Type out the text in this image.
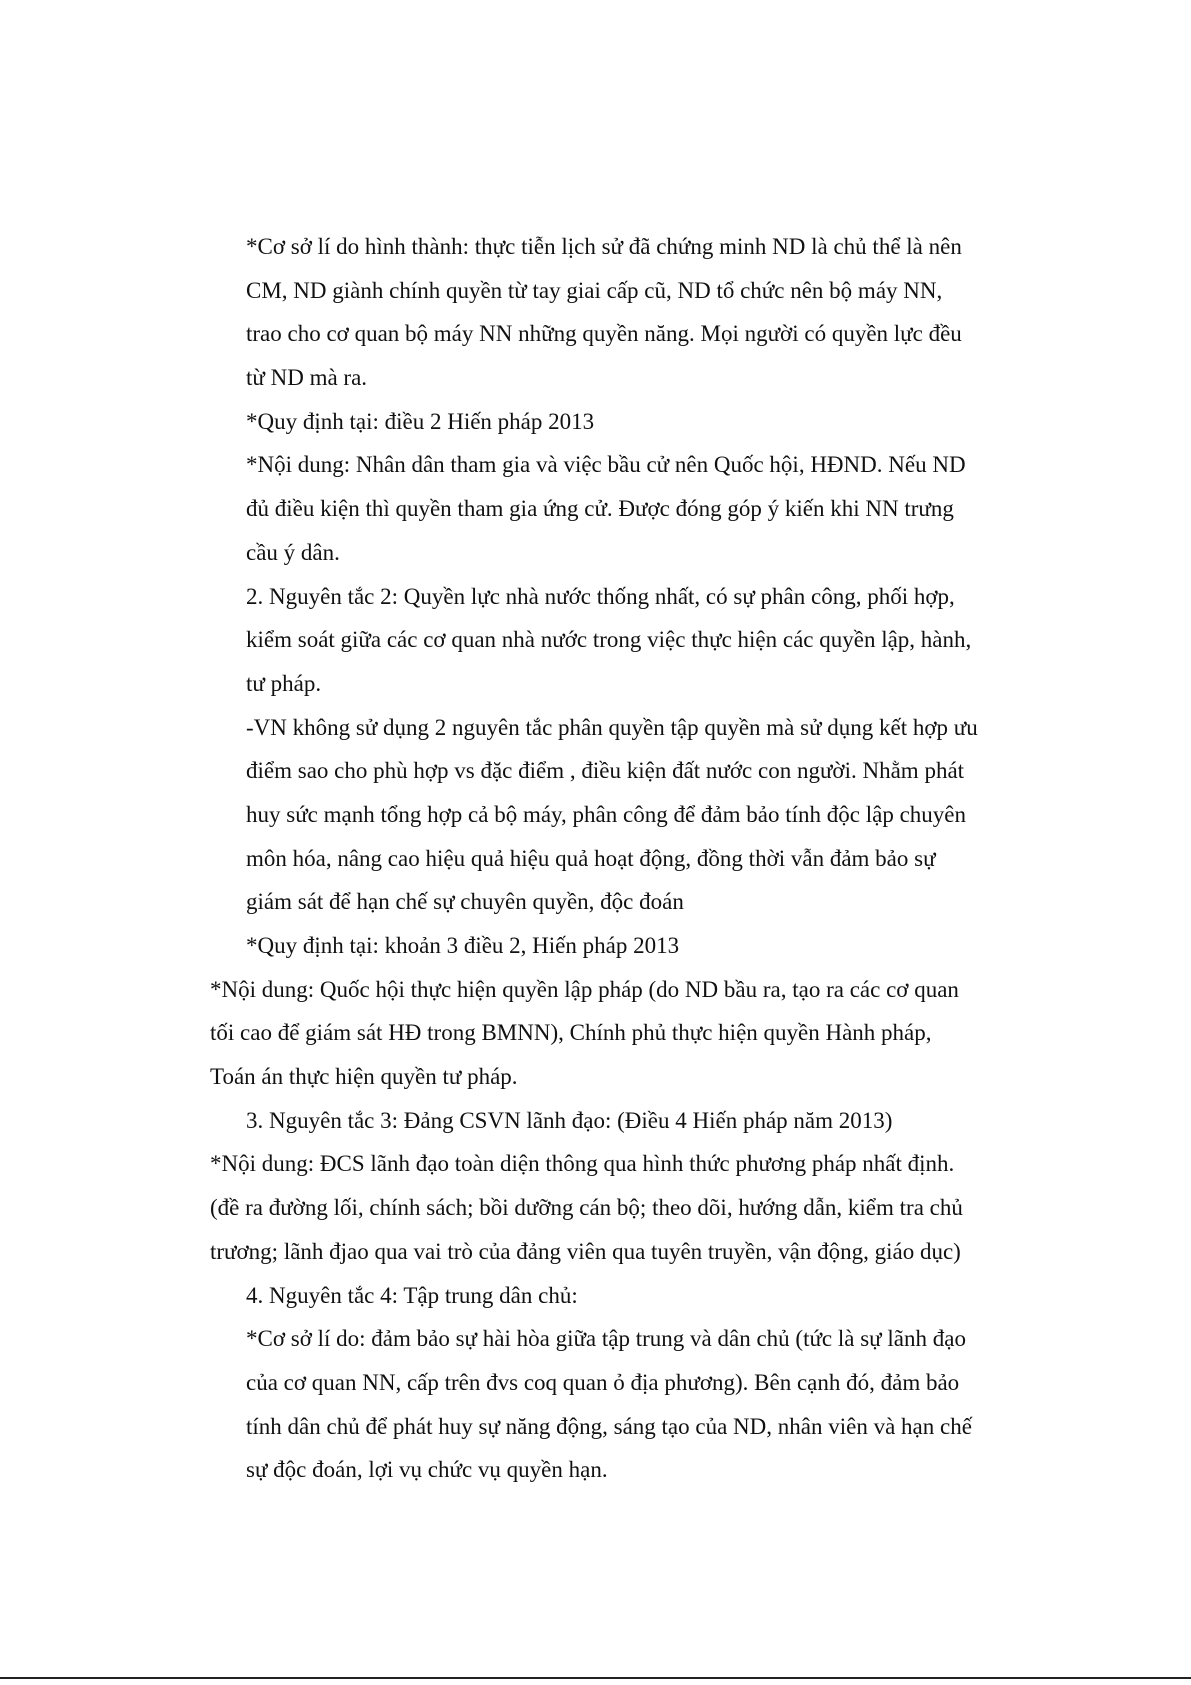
*Cơ sở lí do hình thành: thực tiễn lịch sử đã chứng minh ND là chủ thể là nên
CM, ND giành chính quyền từ tay giai cấp cũ, ND tổ chức nên bộ máy NN,
trao cho cơ quan bộ máy NN những quyền năng. Mọi người có quyền lực đều
từ ND mà ra.
*Quy định tại: điều 2 Hiến pháp 2013
*Nội dung: Nhân dân tham gia và việc bầu cử nên Quốc hội, HĐND. Nếu ND
đủ điều kiện thì quyền tham gia ứng cử. Được đóng góp ý kiến khi NN trưng
cầu ý dân.
2. Nguyên tắc 2: Quyền lực nhà nước thống nhất, có sự phân công, phối hợp,
kiểm soát giữa các cơ quan nhà nước trong việc thực hiện các quyền lập, hành,
tư pháp.
-VN không sử dụng 2 nguyên tắc phân quyền tập quyền mà sử dụng kết hợp ưu
điểm sao cho phù hợp vs đặc điểm , điều kiện đất nước con người. Nhằm phát
huy sức mạnh tổng hợp cả bộ máy, phân công để đảm bảo tính độc lập chuyên
môn hóa, nâng cao hiệu quả hiệu quả hoạt động, đồng thời vẫn đảm bảo sự
giám sát để hạn chế sự chuyên quyền, độc đoán
*Quy định tại: khoản 3 điều 2, Hiến pháp 2013
*Nội dung: Quốc hội thực hiện quyền lập pháp (do ND bầu ra, tạo ra các cơ quan
tối cao để giám sát HĐ trong BMNN), Chính phủ thực hiện quyền Hành pháp,
Toán án thực hiện quyền tư pháp.
3. Nguyên tắc 3: Đảng CSVN lãnh đạo: (Điều 4 Hiến pháp năm 2013)
*Nội dung: ĐCS lãnh đạo toàn diện thông qua hình thức phương pháp nhất định.
(đề ra đường lối, chính sách; bồi dưỡng cán bộ; theo dõi, hướng dẫn, kiểm tra chủ
trương; lãnh đjao qua vai trò của đảng viên qua tuyên truyền, vận động, giáo dục)
4. Nguyên tắc 4: Tập trung dân chủ:
*Cơ sở lí do: đảm bảo sự hài hòa giữa tập trung và dân chủ (tức là sự lãnh đạo
của cơ quan NN, cấp trên đvs coq quan ỏ địa phương). Bên cạnh đó, đảm bảo
tính dân chủ để phát huy sự năng động, sáng tạo của ND, nhân viên và hạn chế
sự độc đoán, lợi vụ chức vụ quyền hạn.
